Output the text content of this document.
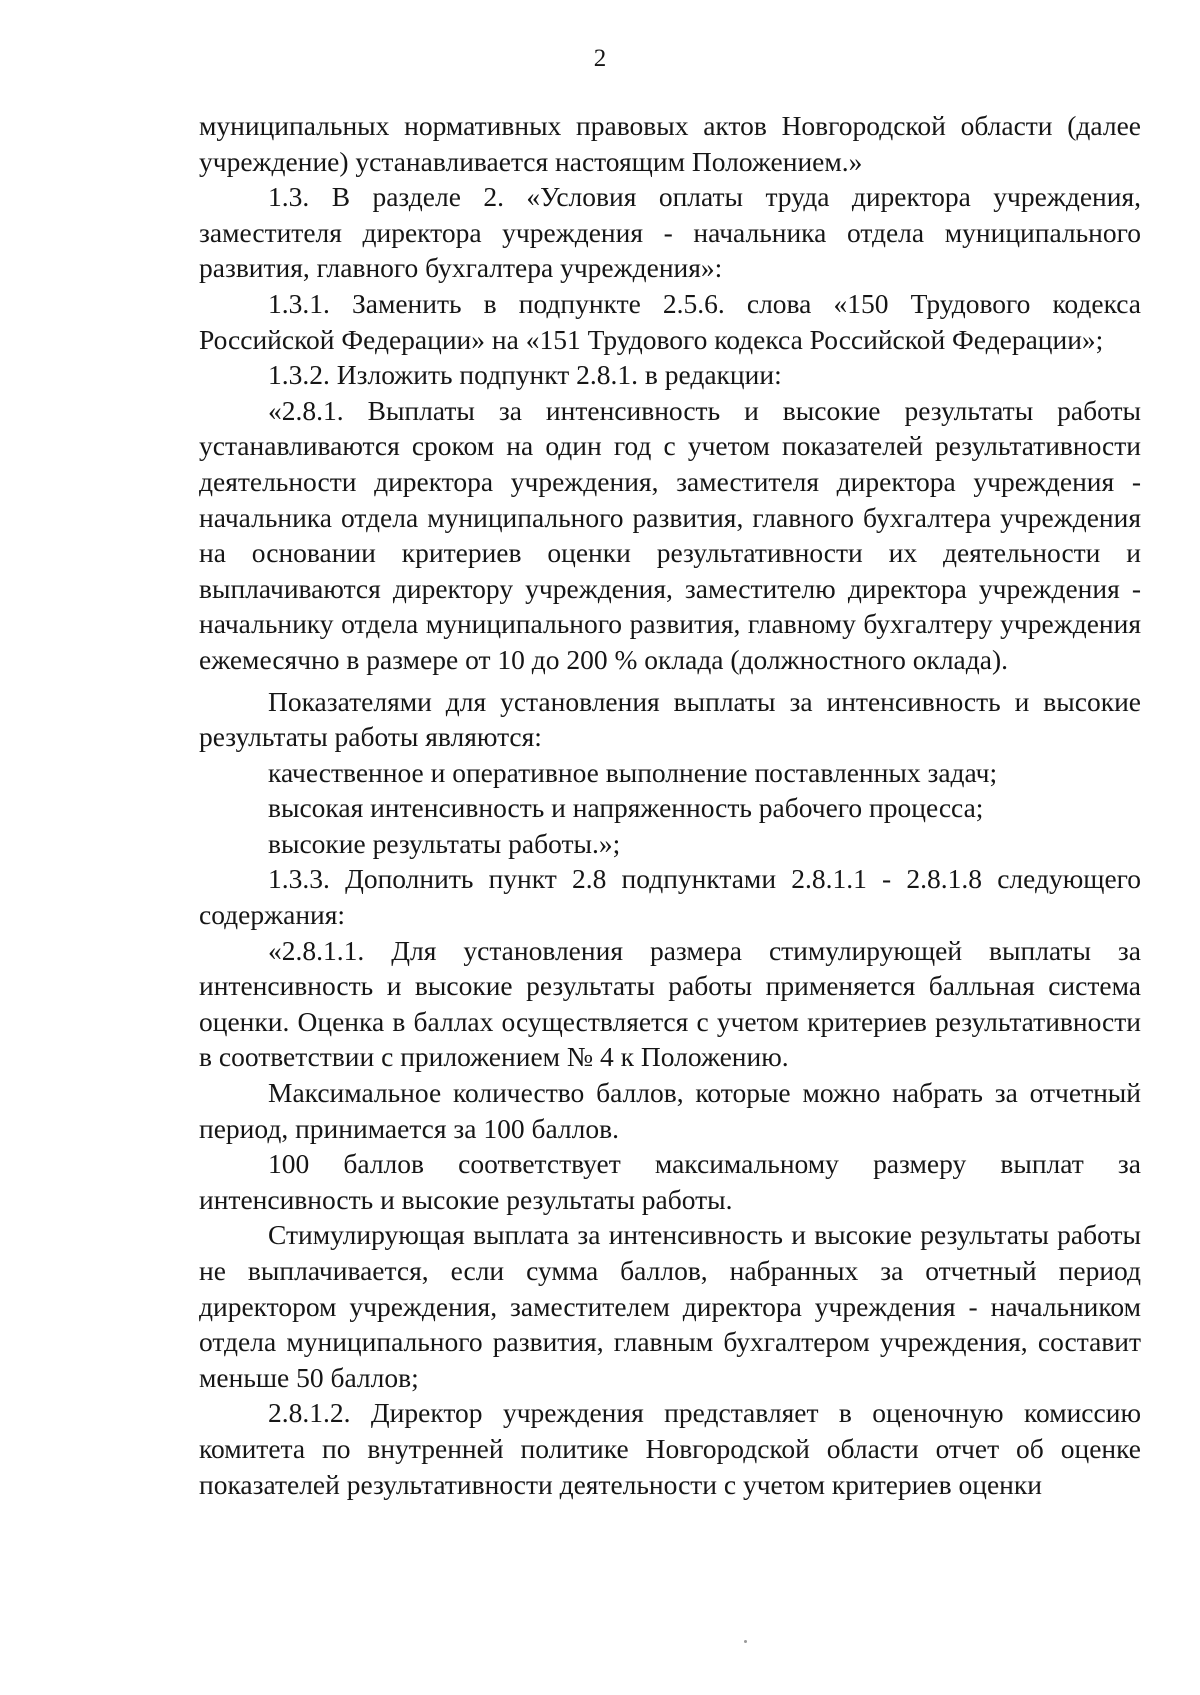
2

муниципальных нормативных правовых актов Новгородской области (далее учреждение) устанавливается настоящим Положением.»

1.3. В разделе 2. «Условия оплаты труда директора учреждения, заместителя директора учреждения - начальника отдела муниципального развития, главного бухгалтера учреждения»:

1.3.1. Заменить в подпункте 2.5.6. слова «150 Трудового кодекса Российской Федерации» на «151 Трудового кодекса Российской Федерации»;

1.3.2. Изложить подпункт 2.8.1. в редакции:

«2.8.1. Выплаты за интенсивность и высокие результаты работы устанавливаются сроком на один год с учетом показателей результативности деятельности директора учреждения, заместителя директора учреждения - начальника отдела муниципального развития, главного бухгалтера учреждения на основании критериев оценки результативности их деятельности и выплачиваются директору учреждения, заместителю директора учреждения - начальнику отдела муниципального развития, главному бухгалтеру учреждения ежемесячно в размере от 10 до 200 % оклада (должностного оклада).

Показателями для установления выплаты за интенсивность и высокие результаты работы являются:

качественное и оперативное выполнение поставленных задач;

высокая интенсивность и напряженность рабочего процесса;

высокие результаты работы.»;

1.3.3. Дополнить пункт 2.8 подпунктами 2.8.1.1 - 2.8.1.8 следующего содержания:

«2.8.1.1. Для установления размера стимулирующей выплаты за интенсивность и высокие результаты работы применяется балльная система оценки. Оценка в баллах осуществляется с учетом критериев результативности в соответствии с приложением № 4 к Положению.

Максимальное количество баллов, которые можно набрать за отчетный период, принимается за 100 баллов.

100 баллов соответствует максимальному размеру выплат за интенсивность и высокие результаты работы.

Стимулирующая выплата за интенсивность и высокие результаты работы не выплачивается, если сумма баллов, набранных за отчетный период директором учреждения, заместителем директора учреждения - начальником отдела муниципального развития, главным бухгалтером учреждения, составит меньше 50 баллов;

2.8.1.2. Директор учреждения представляет в оценочную комиссию комитета по внутренней политике Новгородской области отчет об оценке показателей результативности деятельности с учетом критериев оценки
